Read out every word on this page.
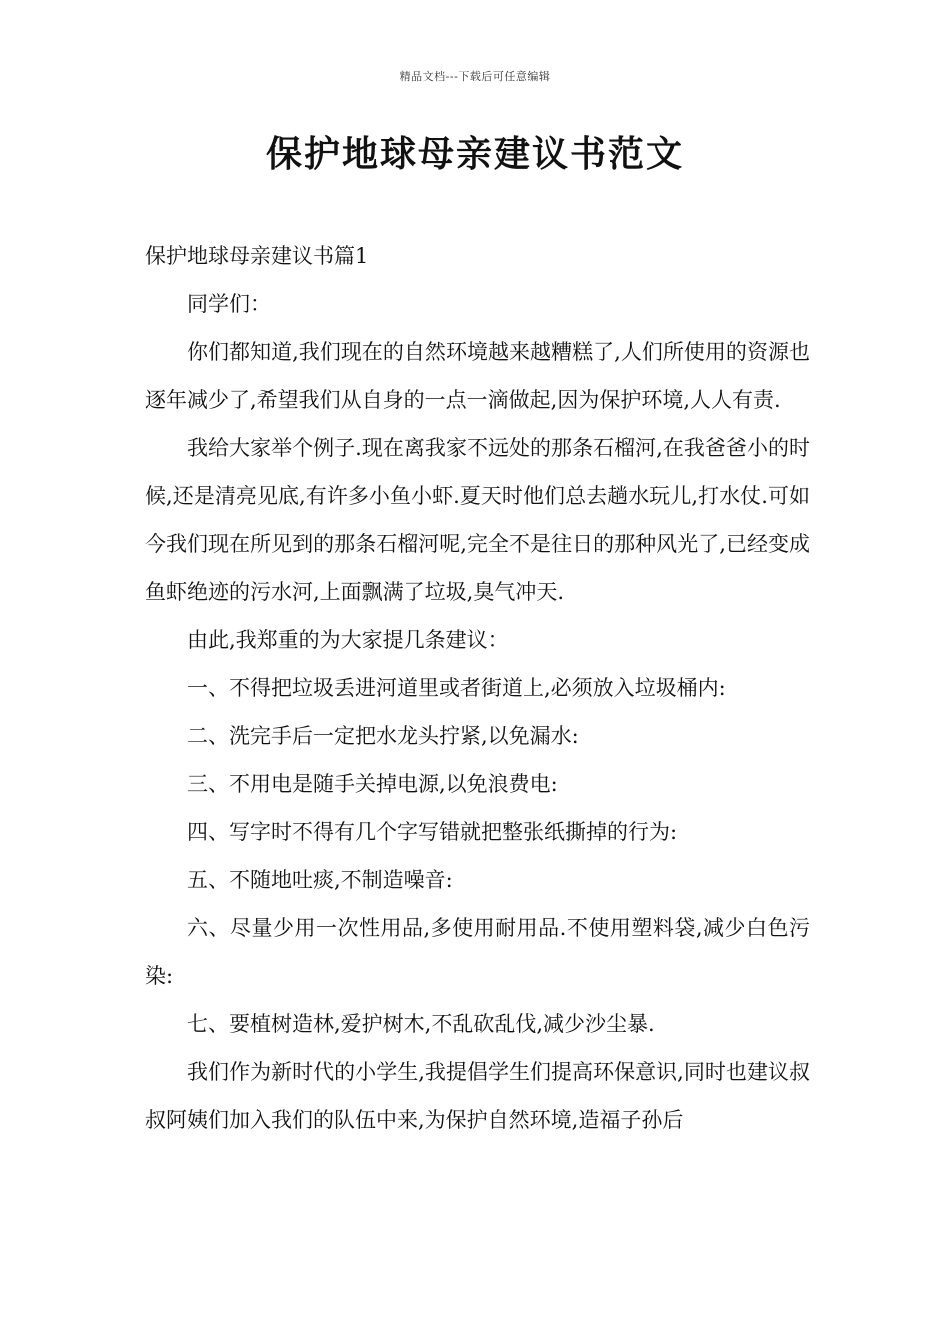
精品文档---下载后可任意编辑
保护地球母亲建议书范文

保护地球母亲建议书篇1

同学们：

你们都知道,我们现在的自然环境越来越糟糕了,人们所使用的资源也逐年减少了,希望我们从自身的一点一滴做起,因为保护环境,人人有责.

我给大家举个例子.现在离我家不远处的那条石榴河,在我爸爸小的时候,还是清亮见底,有许多小鱼小虾.夏天时他们总去趟水玩儿,打水仗.可如今我们现在所见到的那条石榴河呢,完全不是往日的那种风光了,已经变成鱼虾绝迹的污水河,上面飘满了垃圾,臭气冲天.

由此,我郑重的为大家提几条建议：

一、不得把垃圾丢进河道里或者街道上,必须放入垃圾桶内:

二、洗完手后一定把水龙头拧紧,以免漏水:

三、不用电是随手关掉电源,以免浪费电:

四、写字时不得有几个字写错就把整张纸撕掉的行为:

五、不随地吐痰,不制造噪音:

六、尽量少用一次性用品,多使用耐用品.不使用塑料袋,减少白色污染:

七、要植树造林,爱护树木,不乱砍乱伐,减少沙尘暴.

我们作为新时代的小学生,我提倡学生们提高环保意识,同时也建议叔叔阿姨们加入我们的队伍中来,为保护自然环境,造福子孙后
